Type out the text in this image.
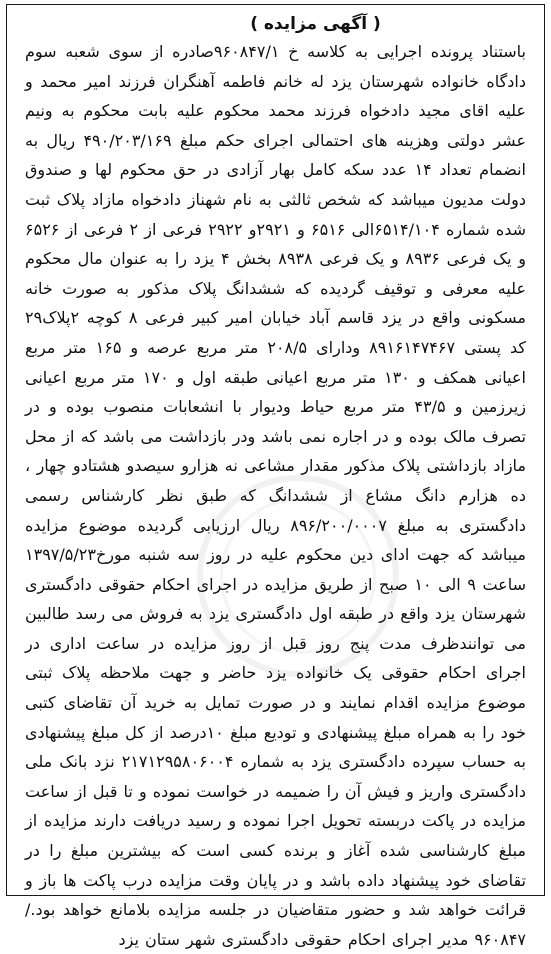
( آگهی مزایده )

باستناد پرونده اجرایی به کلاسه خ ۹۶۰۸۴۷/۱صادره از سوی شعبه سوم دادگاه خانواده شهرستان یزد له خانم فاطمه آهنگران فرزند امیر محمد و علیه اقای مجید دادخواه فرزند محمد محکوم علیه بابت محکوم به ونیم عشر دولتی وهزینه های احتمالی اجرای حکم مبلغ ۴۹۰/۲۰۳/۱۶۹ ریال به انضمام تعداد ۱۴ عدد سکه کامل بهار آزادی در حق محکوم لها و صندوق دولت مدیون میباشد که شخص ثالثی به نام شهناز دادخواه مازاد پلاک ثبت شده شماره ۶۵۱۴/۱۰۴الی ۶۵۱۶ و ۲۹۲۱و ۲۹۲۲ فرعی از ۲ فرعی از ۶۵۲۶ و یک فرعی ۸۹۳۶ و یک فرعی ۸۹۳۸ بخش ۴ یزد را به عنوان مال محکوم علیه معرفی و توقیف گردیده که ششدانگ پلاک مذکور به صورت خانه مسکونی واقع در یزد قاسم آباد خیابان امیر کبیر فرعی ۸ کوچه ۲پلاک۲۹ کد پستی ۸۹۱۶۱۴۷۴۶۷ ودارای ۲۰۸/۵ متر مربع عرصه و ۱۶۵ متر مربع اعیانی همکف و ۱۳۰ متر مربع اعیانی طبقه اول و ۱۷۰ متر مربع اعیانی زیرزمین و ۴۳/۵ متر مربع حیاط ودیوار با انشعابات منصوب بوده و در تصرف مالک بوده و در اجاره نمی باشد ودر بازداشت می باشد که از محل مازاد بازداشتی پلاک مذکور مقدار مشاعی نه هزارو سیصدو هشتادو چهار ، ده هزارم دانگ مشاع از ششدانگ که طبق نظر کارشناس رسمی دادگستری به مبلغ ۸۹۶/۲۰۰/۰۰۰۷ ریال ارزیابی گردیده موضوع مزایده میباشد که جهت ادای دین محکوم علیه در روز سه شنبه مورخ۱۳۹۷/۵/۲۳ ساعت ۹ الی ۱۰ صبح از طریق مزایده در اجرای احکام حقوقی دادگستری شهرستان یزد واقع در طبقه اول دادگستری یزد به فروش می رسد طالبین می توانندظرف مدت پنج روز قبل از روز مزایده در ساعت اداری در اجرای احکام حقوقی یک خانواده یزد حاضر و جهت ملاحظه پلاک ثبتی موضوع مزایده اقدام نمایند و در صورت تمایل به خرید آن تقاضای کتبی خود را به همراه مبلغ پیشنهادی و تودیع مبلغ ۱۰درصد از کل مبلغ پیشنهادی به حساب سپرده دادگستری یزد به شماره ۲۱۷۱۲۹۵۸۰۶۰۰۴ نزد بانک ملی دادگستری واریز و فیش آن را ضمیمه در خواست نموده و تا قبل از ساعت مزایده در پاکت دربسته تحویل اجرا نموده و رسید دریافت دارند مزایده از مبلغ کارشناسی شده آغاز و برنده کسی است که بیشترین مبلغ را در تقاضای خود پیشنهاد داده باشد و در پایان وقت مزایده درب پاکت ها باز و قرائت خواهد شد و حضور متقاضیان در جلسه مزایده بلامانع خواهد بود./۹۶۰۸۴۷ مدیر اجرای احکام حقوقی دادگستری شهر ستان یزد
